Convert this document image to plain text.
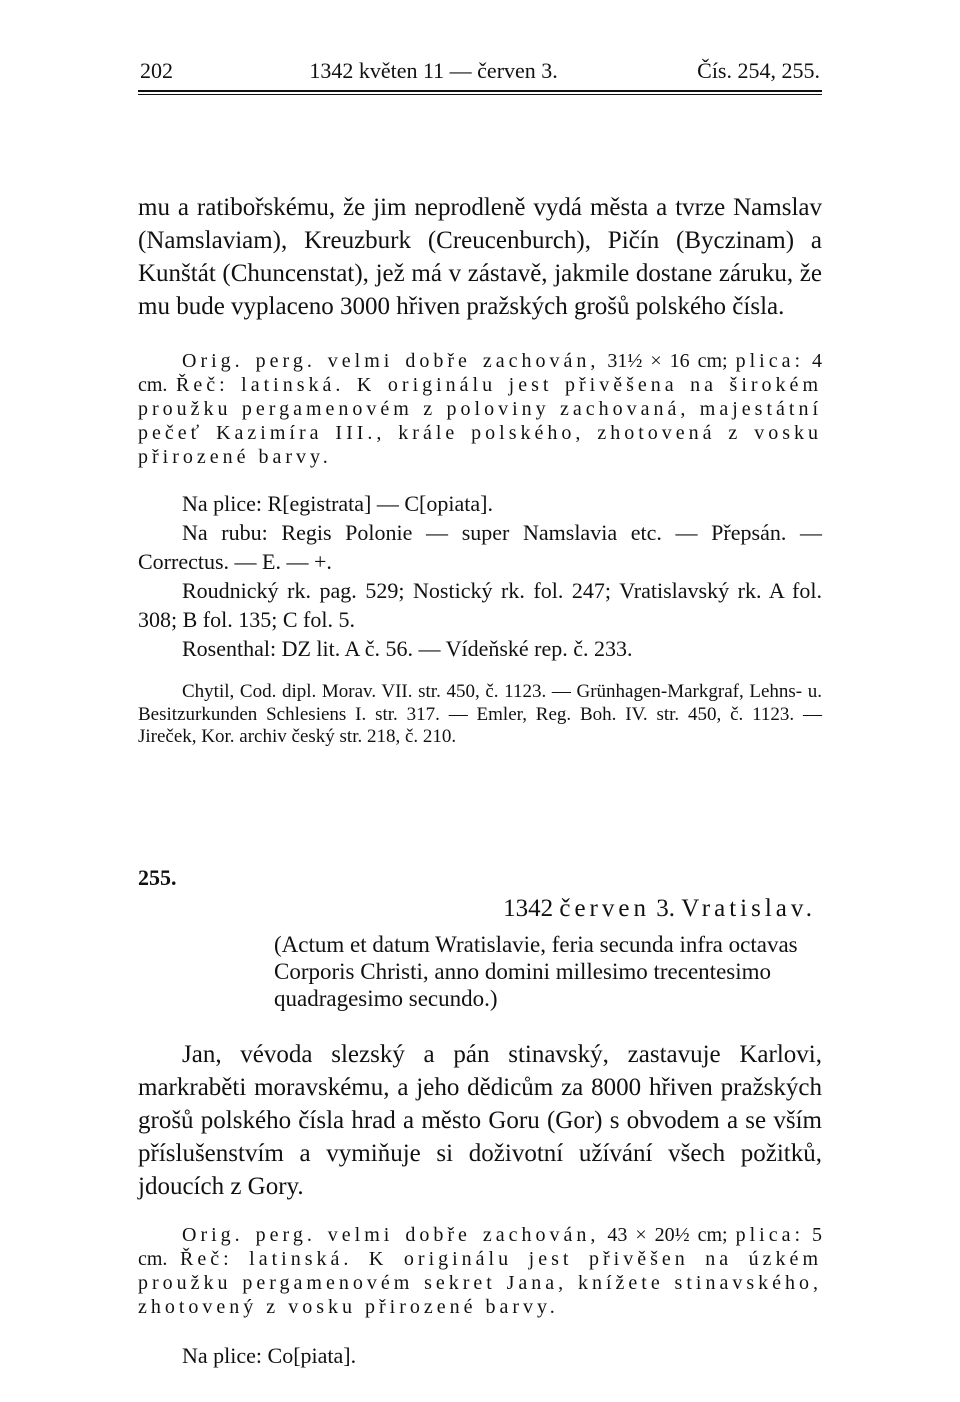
202	1342 květen 11 — červen 3.	Čís. 254, 255.

mu a ratibořskému, že jim neprodleně vydá města a tvrze Namslav (Namslaviam), Kreuzburk (Creucenburch), Pičín (Byczinam) a Kunštát (Chuncenstat), jež má v zástavě, jakmile dostane záruku, že mu bude vyplaceno 3000 hřiven pražských grošů polského čísla.

Orig. perg. velmi dobře zachován, 31½ × 16 cm; plica: 4 cm. Řeč: latinská. K originálu jest přivěšena na širokém proužku pergamenovém z poloviny zachovaná, majestátní pečeť Kazimíra III., krále polského, zhotovená z vosku přirozené barvy.

Na plice: R[egistrata] — C[opiata].

Na rubu: Regis Polonie — super Namslavia etc. — Přepsán. — Correctus. — E. — +.

Roudnický rk. pag. 529; Nostický rk. fol. 247; Vratislavský rk. A fol. 308; B fol. 135; C fol. 5.

Rosenthal: DZ lit. A č. 56. — Vídeňské rep. č. 233.

Chytil, Cod. dipl. Morav. VII. str. 450, č. 1123. — Grünhagen-Markgraf, Lehns- u. Besitzurkunden Schlesiens I. str. 317. — Emler, Reg. Boh. IV. str. 450, č. 1123. — Jireček, Kor. archiv český str. 218, č. 210.

255.
1342 červen 3. Vratislav.

(Actum et datum Wratislavie, feria secunda infra octavas Corporis Christi, anno domini millesimo trecentesimo quadragesimo secundo.)

Jan, vévoda slezský a pán stinavský, zastavuje Karlovi, markraběti moravskému, a jeho dědicům za 8000 hřiven pražských grošů polského čísla hrad a město Goru (Gor) s obvodem a se vším příslušenstvím a vymiňuje si doživotní užívání všech požitků, jdoucích z Gory.

Orig. perg. velmi dobře zachován, 43 × 20½ cm; plica: 5 cm. Řeč: latinská. K originálu jest přivěšen na úzkém proužku pergamenovém sekret Jana, knížete stinavského, zhotovený z vosku přirozené barvy.

Na plice: Co[piata].
